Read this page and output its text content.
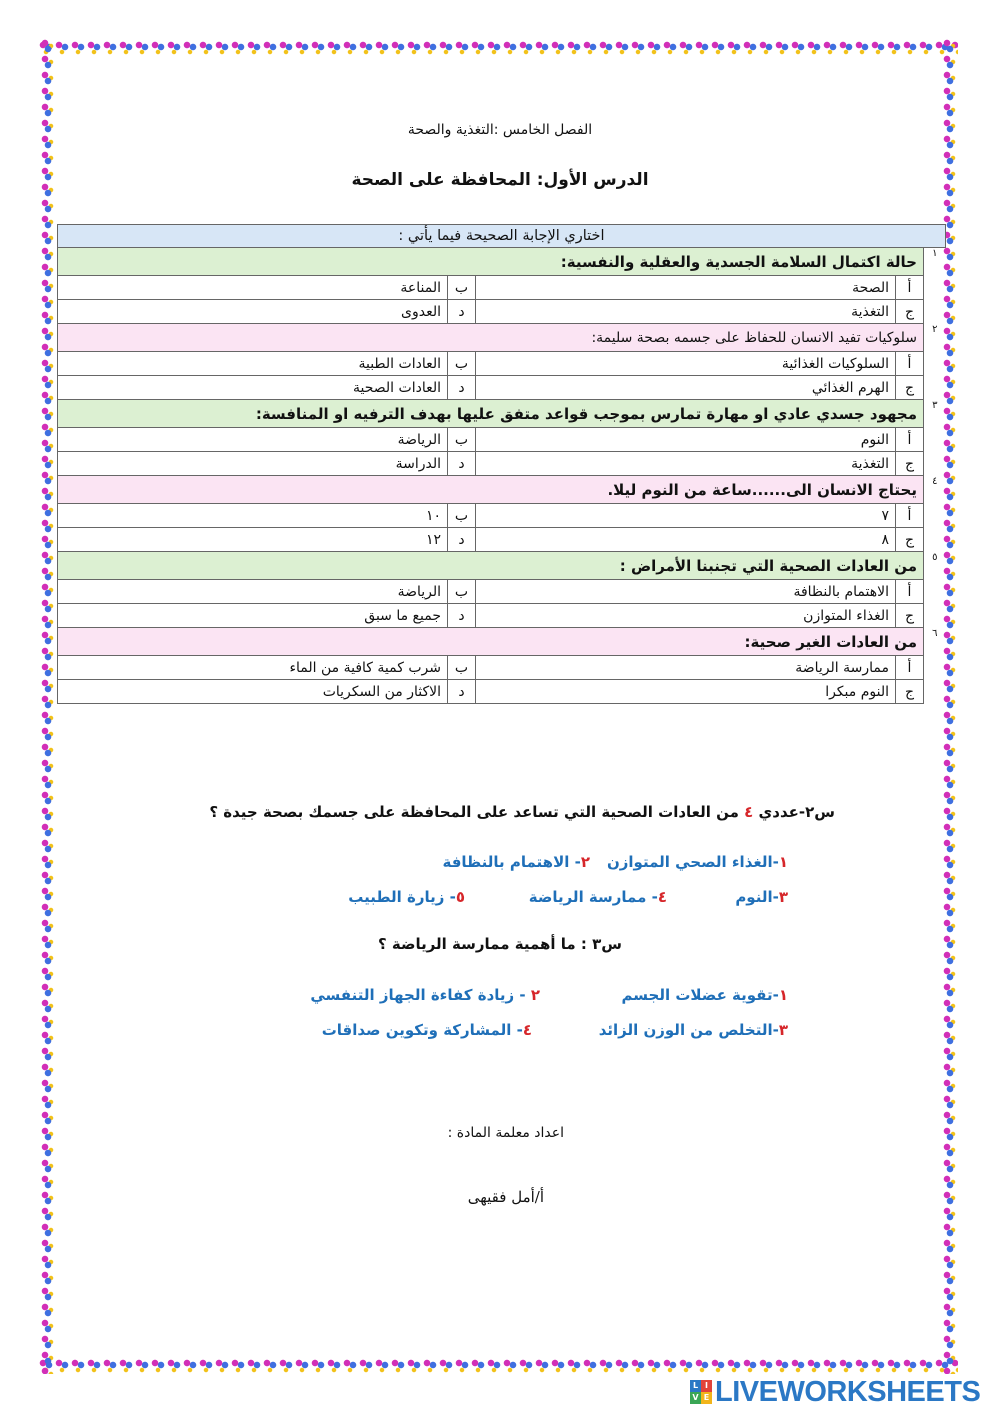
الفصل الخامس :التغذية والصحة
الدرس الأول: المحافظة على الصحة
اختاري الإجابة الصحيحة فيما يأتي :				
١	حالة اكتمال السلامة الجسدية والعقلية والنفسية:			
	أ	الصحة	ب	المناعة
	ج	التغذية	د	العدوى
٢	سلوكيات تفيد الانسان للحفاظ على جسمه بصحة سليمة:			
	أ	السلوكيات الغذائية	ب	العادات الطبية
	ج	الهرم الغذائي	د	العادات الصحية
٣	مجهود جسدي عادي او مهارة تمارس بموجب قواعد متفق عليها بهدف الترفيه او المنافسة:			
	أ	النوم	ب	الرياضة
	ج	التغذية	د	الدراسة
٤	يحتاج الانسان الى......ساعة من النوم ليلا.			
	أ	٧	ب	١٠
	ج	٨	د	١٢
٥	من العادات الصحية التي تجنبنا الأمراض :			
	أ	الاهتمام بالنظافة	ب	الرياضة
	ج	الغذاء المتوازن	د	جميع ما سبق
٦	من العادات الغير صحية:			
	أ	ممارسة الرياضة	ب	شرب كمية كافية من الماء
	ج	النوم مبكرا	د	الاكثار من السكريات
س٢-عددي ٤ من العادات الصحية التي تساعد على المحافظة على جسمك بصحة جيدة ؟
١-الغذاء الصحي المتوازن
٢- الاهتمام بالنظافة
٣-النوم
٤- ممارسة الرياضة
٥- زيارة الطبيب
س٣ : ما أهمية ممارسة الرياضة ؟
١-تقوية عضلات الجسم
٢ - زيادة كفاءة الجهاز التنفسي
٣-التخلص من الوزن الزائد
٤- المشاركة وتكوين صداقات
اعداد معلمة المادة :
أ/أمل فقيهى
L I
V E LIVEWORKSHEETS
